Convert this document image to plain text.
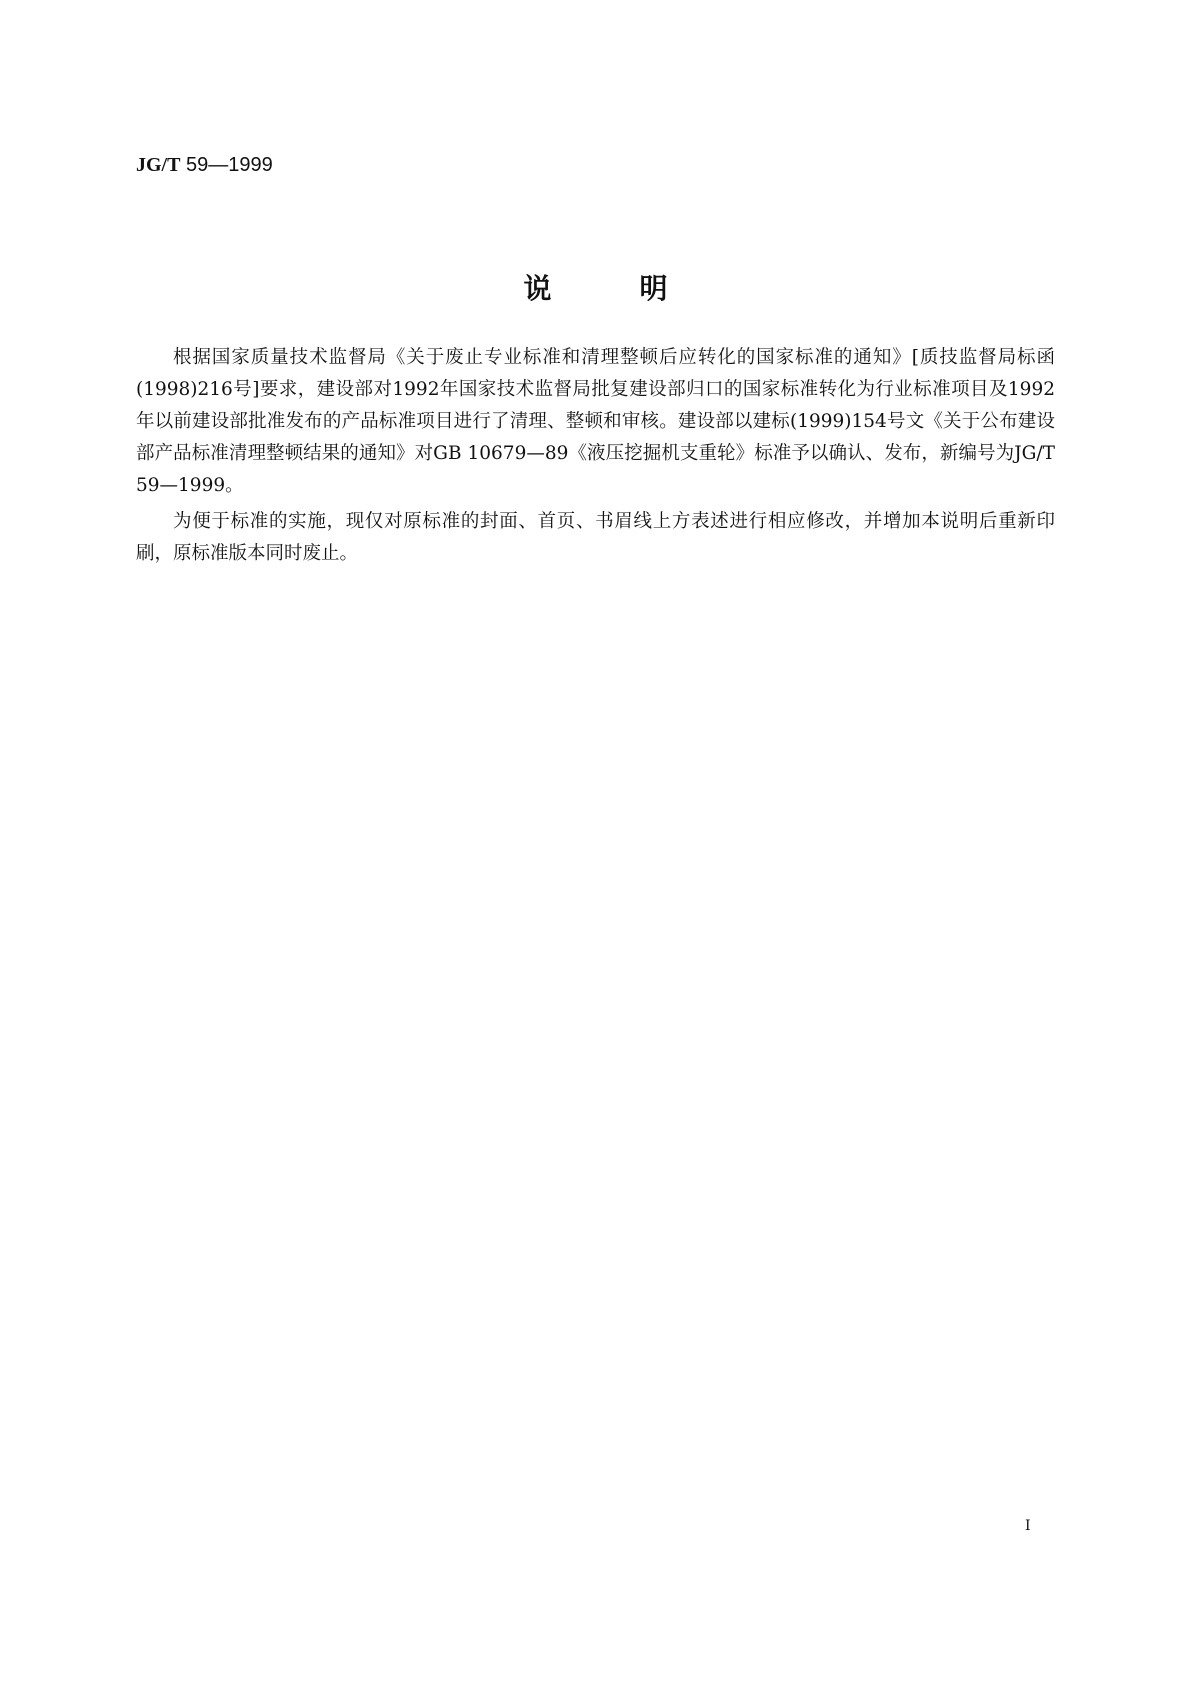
JG/T 59—1999
说明

根据国家质量技术监督局《关于废止专业标准和清理整顿后应转化的国家标准的通知》[质技监督局标函(1998)216号]要求，建设部对1992年国家技术监督局批复建设部归口的国家标准转化为行业标准项目及1992年以前建设部批准发布的产品标准项目进行了清理、整顿和审核。建设部以建标(1999)154号文《关于公布建设部产品标准清理整顿结果的通知》对GB 10679—89《液压挖掘机支重轮》标准予以确认、发布，新编号为JG/T 59—1999。

为便于标准的实施，现仅对原标准的封面、首页、书眉线上方表述进行相应修改，并增加本说明后重新印刷，原标准版本同时废止。

I
